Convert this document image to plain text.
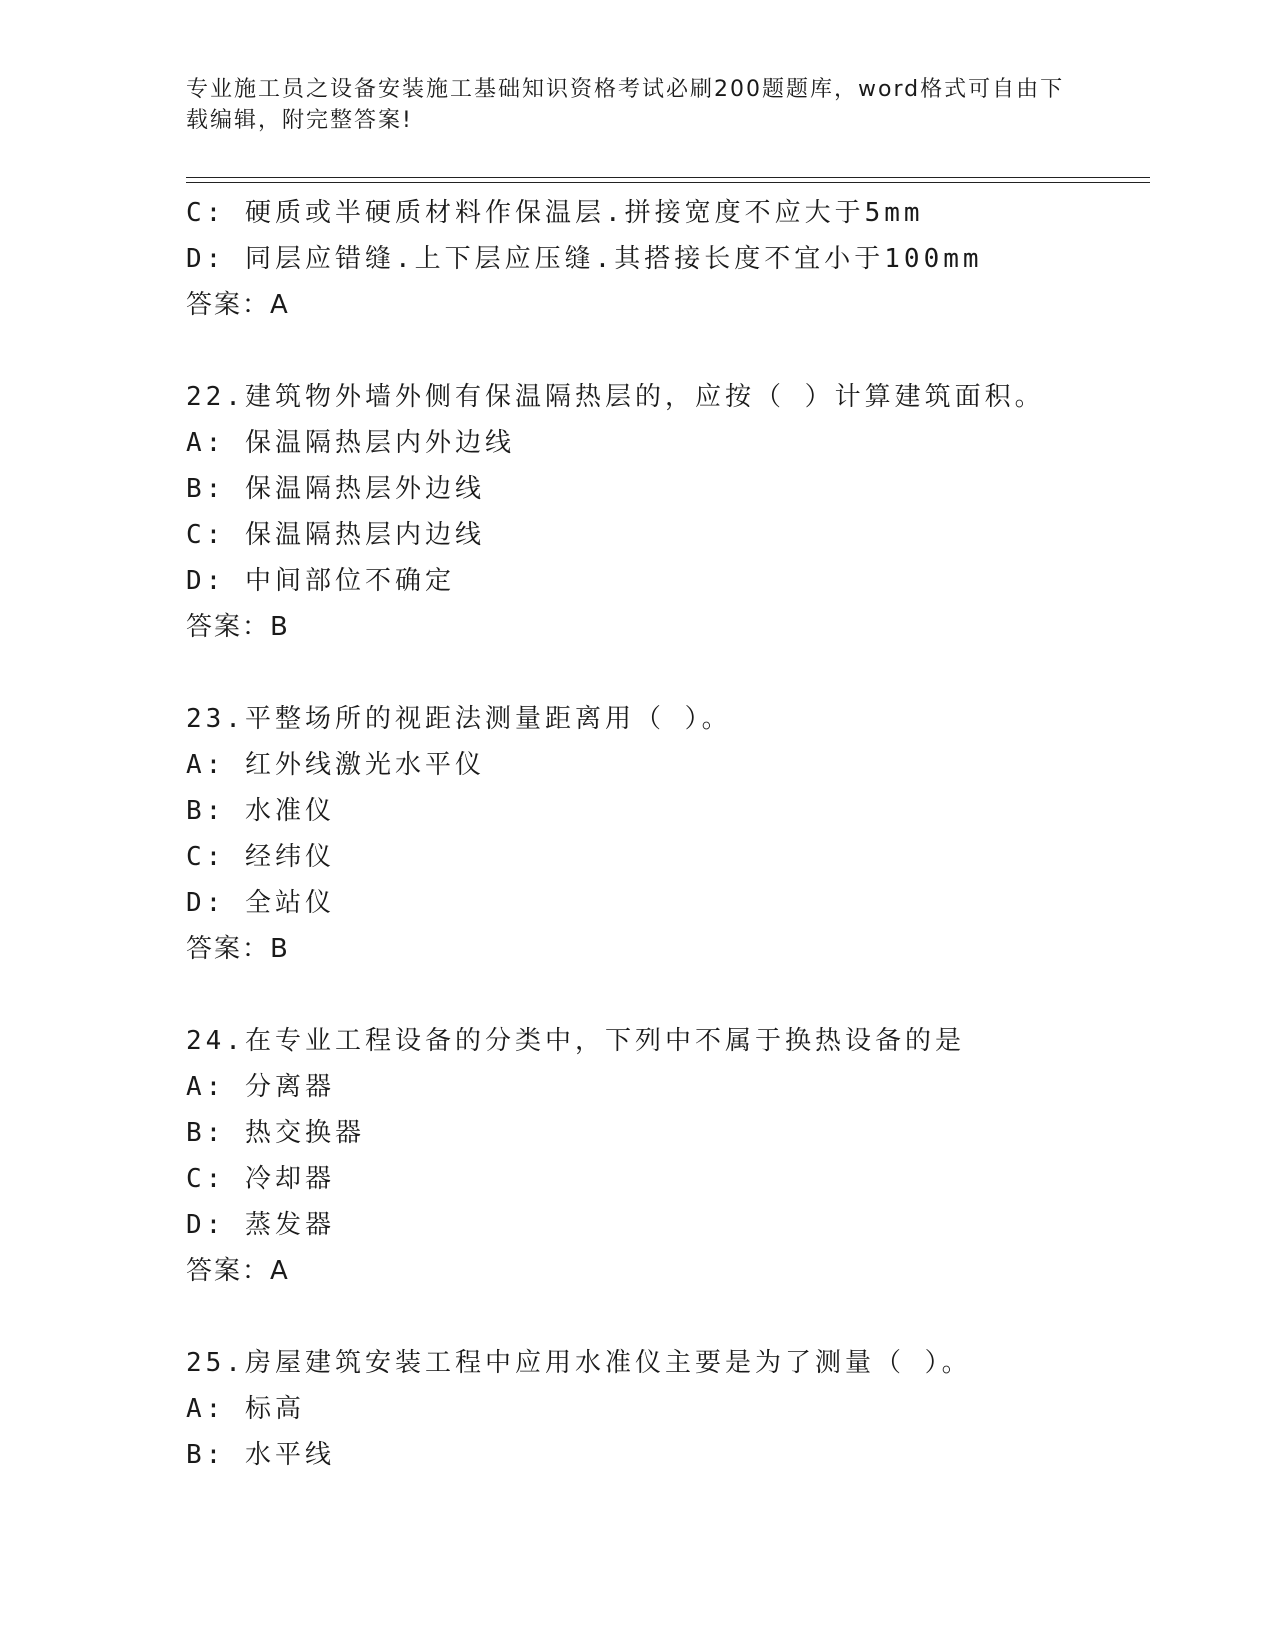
专业施工员之设备安装施工基础知识资格考试必刷200题题库，word格式可自由下载编辑，附完整答案!
C: 硬质或半硬质材料作保温层.拼接宽度不应大于5mm
D: 同层应错缝.上下层应压缝.其搭接长度不宜小于100mm
答案：A
22.建筑物外墙外侧有保温隔热层的，应按（ ）计算建筑面积。
A: 保温隔热层内外边线
B: 保温隔热层外边线
C: 保温隔热层内边线
D: 中间部位不确定
答案：B
23.平整场所的视距法测量距离用（ ）。
A: 红外线激光水平仪
B: 水准仪
C: 经纬仪
D: 全站仪
答案：B
24.在专业工程设备的分类中，下列中不属于换热设备的是
A: 分离器
B: 热交换器
C: 冷却器
D: 蒸发器
答案：A
25.房屋建筑安装工程中应用水准仪主要是为了测量（ ）。
A: 标高
B: 水平线
